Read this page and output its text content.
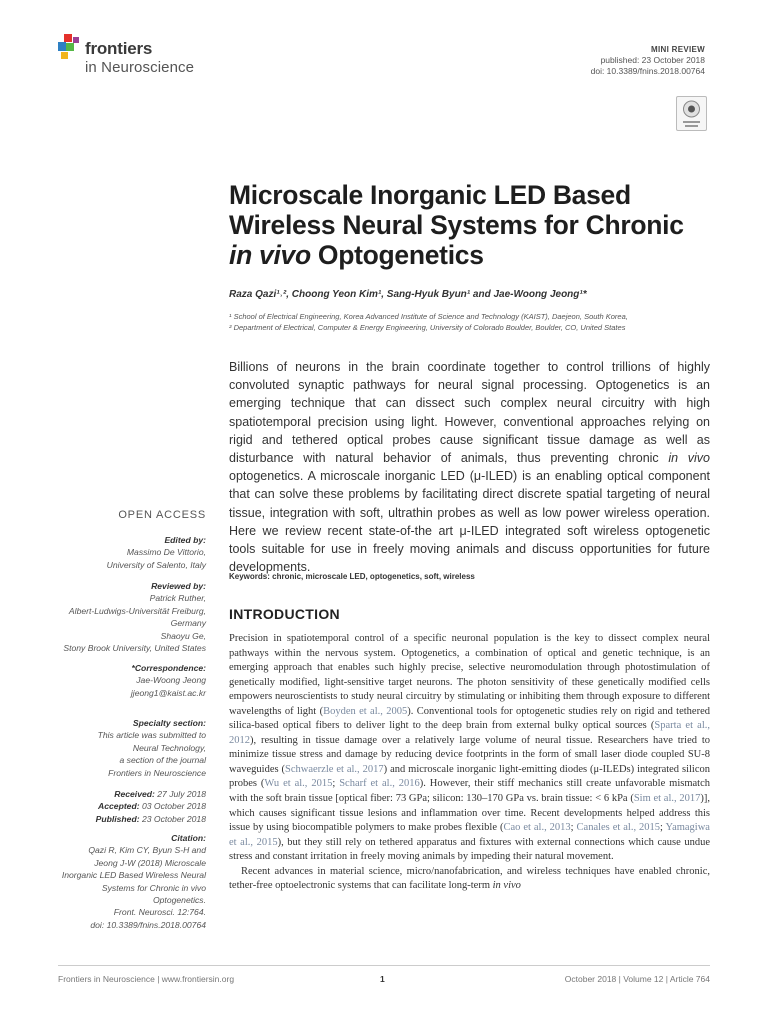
frontiers
in Neuroscience
MINI REVIEW
published: 23 October 2018
doi: 10.3389/fnins.2018.00764
Microscale Inorganic LED Based
Wireless Neural Systems for Chronic
in vivo Optogenetics
Raza Qazi¹˒², Choong Yeon Kim¹, Sang-Hyuk Byun¹ and Jae-Woong Jeong¹*
¹ School of Electrical Engineering, Korea Advanced Institute of Science and Technology (KAIST), Daejeon, South Korea,
² Department of Electrical, Computer & Energy Engineering, University of Colorado Boulder, Boulder, CO, United States
Billions of neurons in the brain coordinate together to control trillions of highly convoluted synaptic pathways for neural signal processing. Optogenetics is an emerging technique that can dissect such complex neural circuitry with high spatiotemporal precision using light. However, conventional approaches relying on rigid and tethered optical probes cause significant tissue damage as well as disturbance with natural behavior of animals, thus preventing chronic in vivo optogenetics. A microscale inorganic LED (μ-ILED) is an enabling optical component that can solve these problems by facilitating direct discrete spatial targeting of neural tissue, integration with soft, ultrathin probes as well as low power wireless operation. Here we review recent state-of-the art μ-ILED integrated soft wireless optogenetic tools suitable for use in freely moving animals and discuss opportunities for future developments.
Keywords: chronic, microscale LED, optogenetics, soft, wireless
INTRODUCTION

Precision in spatiotemporal control of a specific neuronal population is the key to dissect complex neural pathways within the nervous system. Optogenetics, a combination of optical and genetic technique, is an emerging approach that enables such highly precise, selective neuromodulation through photostimulation of genetically modified, light-sensitive target neurons. The photon sensitivity of these genetically modified cells empowers neuroscientists to study neural circuitry by stimulating or inhibiting them through exposure to different wavelengths of light (Boyden et al., 2005). Conventional tools for optogenetic studies rely on rigid and tethered silica-based optical fibers to deliver light to the deep brain from external bulky optical sources (Sparta et al., 2012), resulting in tissue damage over a relatively large volume of neural tissue. Researchers have tried to minimize tissue stress and damage by reducing device footprints in the form of small laser diode coupled SU-8 waveguides (Schwaerzle et al., 2017) and microscale inorganic light-emitting diodes (μ-ILEDs) integrated silicon probes (Wu et al., 2015; Scharf et al., 2016). However, their stiff mechanics still create unfavorable mismatch with the soft brain tissue [optical fiber: 73 GPa; silicon: 130–170 GPa vs. brain tissue: < 6 kPa (Sim et al., 2017)], which causes significant tissue lesions and inflammation over time. Recent developments helped address this issue by using biocompatible polymers to make probes flexible (Cao et al., 2013; Canales et al., 2015; Yamagiwa et al., 2015), but they still rely on tethered apparatus and fixtures with external connections which cause undue stress and constant irritation in freely moving animals by impeding their natural movement.

Recent advances in material science, micro/nanofabrication, and wireless techniques have enabled chronic, tether-free optoelectronic systems that can facilitate long-term in vivo

OPEN ACCESS
Edited by:
Massimo De Vittorio,
University of Salento, Italy
Reviewed by:
Patrick Ruther,
Albert-Ludwigs-Universität Freiburg,
Germany
Shaoyu Ge,
Stony Brook University, United States
*Correspondence:
Jae-Woong Jeong
jjeong1@kaist.ac.kr
Specialty section:
This article was submitted to
Neural Technology,
a section of the journal
Frontiers in Neuroscience
Received: 27 July 2018
Accepted: 03 October 2018
Published: 23 October 2018
Citation:
Qazi R, Kim CY, Byun S-H and
Jeong J-W (2018) Microscale
Inorganic LED Based Wireless Neural
Systems for Chronic in vivo
Optogenetics.
Front. Neurosci. 12:764.
doi: 10.3389/fnins.2018.00764
Frontiers in Neuroscience | www.frontiersin.org	1	October 2018 | Volume 12 | Article 764
